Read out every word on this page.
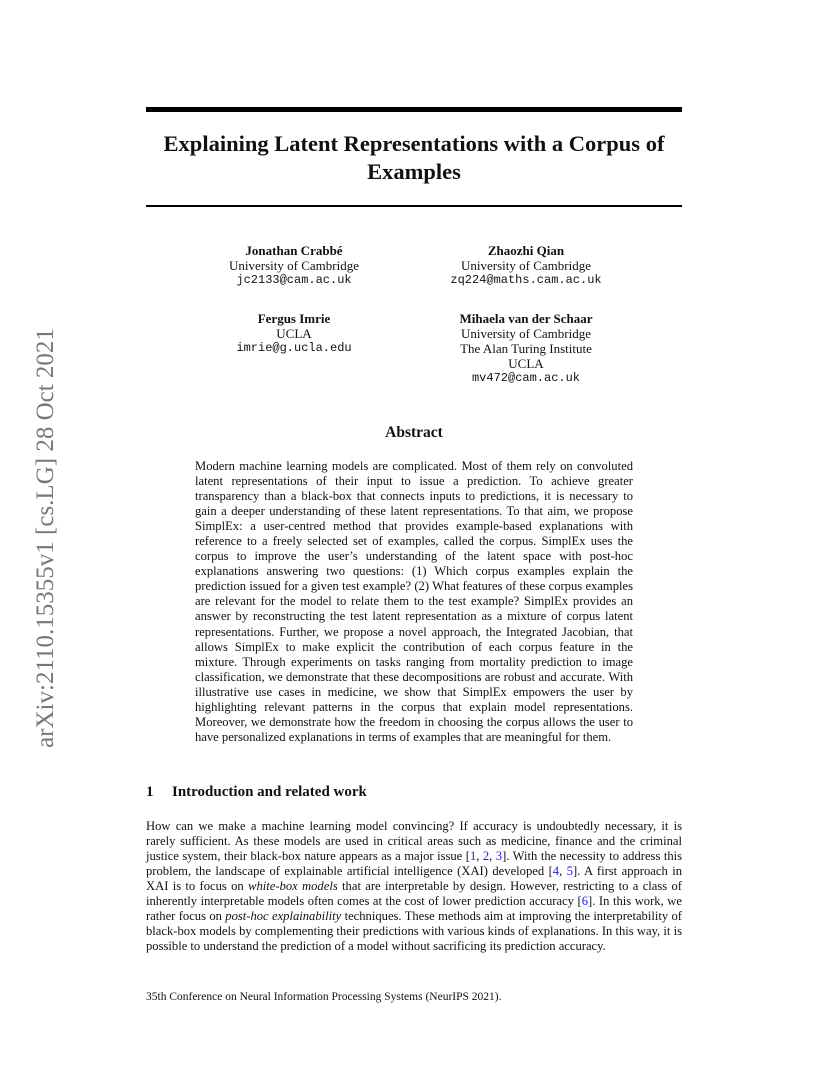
arXiv:2110.15355v1 [cs.LG] 28 Oct 2021
Explaining Latent Representations with a Corpus of Examples
Jonathan Crabbé
University of Cambridge
jc2133@cam.ac.uk
Zhaozhi Qian
University of Cambridge
zq224@maths.cam.ac.uk
Fergus Imrie
UCLA
imrie@g.ucla.edu
Mihaela van der Schaar
University of Cambridge
The Alan Turing Institute
UCLA
mv472@cam.ac.uk
Abstract
Modern machine learning models are complicated. Most of them rely on convoluted latent representations of their input to issue a prediction. To achieve greater transparency than a black-box that connects inputs to predictions, it is necessary to gain a deeper understanding of these latent representations. To that aim, we propose SimplEx: a user-centred method that provides example-based explanations with reference to a freely selected set of examples, called the corpus. SimplEx uses the corpus to improve the user’s understanding of the latent space with post-hoc explanations answering two questions: (1) Which corpus examples explain the prediction issued for a given test example? (2) What features of these corpus examples are relevant for the model to relate them to the test example? SimplEx provides an answer by reconstructing the test latent representation as a mixture of corpus latent representations. Further, we propose a novel approach, the Integrated Jacobian, that allows SimplEx to make explicit the contribution of each corpus feature in the mixture. Through experiments on tasks ranging from mortality prediction to image classification, we demonstrate that these decompositions are robust and accurate. With illustrative use cases in medicine, we show that SimplEx empowers the user by highlighting relevant patterns in the corpus that explain model representations. Moreover, we demonstrate how the freedom in choosing the corpus allows the user to have personalized explanations in terms of examples that are meaningful for them.
1 Introduction and related work
How can we make a machine learning model convincing? If accuracy is undoubtedly necessary, it is rarely sufficient. As these models are used in critical areas such as medicine, finance and the criminal justice system, their black-box nature appears as a major issue [1, 2, 3]. With the necessity to address this problem, the landscape of explainable artificial intelligence (XAI) developed [4, 5]. A first approach in XAI is to focus on white-box models that are interpretable by design. However, restricting to a class of inherently interpretable models often comes at the cost of lower prediction accuracy [6]. In this work, we rather focus on post-hoc explainability techniques. These methods aim at improving the interpretability of black-box models by complementing their predictions with various kinds of explanations. In this way, it is possible to understand the prediction of a model without sacrificing its prediction accuracy.
35th Conference on Neural Information Processing Systems (NeurIPS 2021).
